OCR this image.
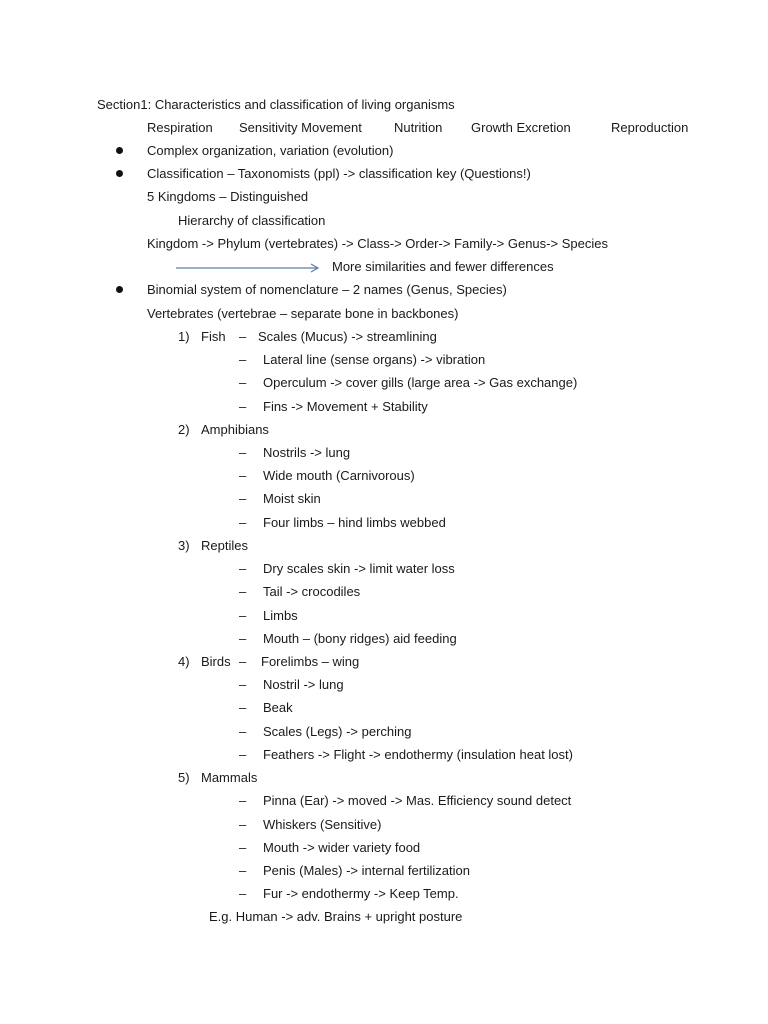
Section1: Characteristics and classification of living organisms
Respiration Sensitivity Movement Nutrition Growth Excretion	Reproduction
Complex organization, variation (evolution)
Classification – Taxonomists (ppl) -> classification key (Questions!)
5 Kingdoms – Distinguished
Hierarchy of classification
Kingdom -> Phylum (vertebrates) -> Class-> Order-> Family-> Genus-> Species
More similarities and fewer differences
Binomial system of nomenclature – 2 names (Genus, Species)
Vertebrates (vertebrae – separate bone in backbones)
1) Fish – Scales (Mucus) -> streamlining
– Lateral line (sense organs) -> vibration
– Operculum -> cover gills (large area -> Gas exchange)
– Fins -> Movement + Stability
2) Amphibians
– Nostrils -> lung
– Wide mouth (Carnivorous)
– Moist skin
– Four limbs – hind limbs webbed
3) Reptiles
– Dry scales skin -> limit water loss
– Tail -> crocodiles
– Limbs
– Mouth – (bony ridges) aid feeding
4) Birds – Forelimbs – wing
– Nostril -> lung
– Beak
– Scales (Legs) -> perching
– Feathers -> Flight -> endothermy (insulation heat lost)
5) Mammals
– Pinna (Ear) -> moved -> Mas. Efficiency sound detect
– Whiskers (Sensitive)
– Mouth -> wider variety food
– Penis (Males) -> internal fertilization
– Fur -> endothermy -> Keep Temp.
E.g. Human -> adv. Brains + upright posture
